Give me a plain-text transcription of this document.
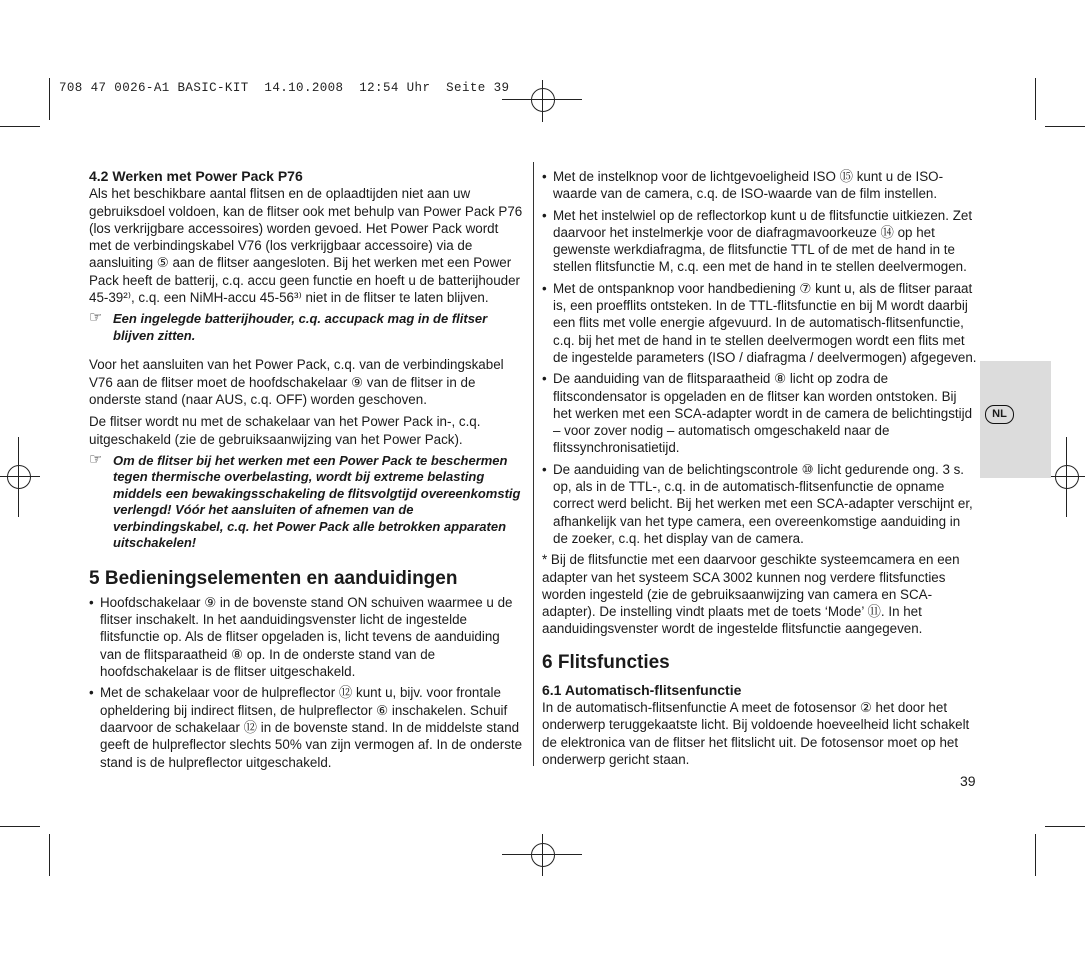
708 47 0026-A1 BASIC-KIT  14.10.2008  12:54 Uhr  Seite 39
NL

4.2 Werken met Power Pack P76

Als het beschikbare aantal flitsen en de oplaadtijden niet aan uw gebruiksdoel voldoen, kan de flitser ook met behulp van Power Pack P76 (los verkrijgbare accessoires) worden gevoed. Het Power Pack wordt met de verbindingskabel V76 (los verkrijgbaar accessoire) via de aansluiting ⑤ aan de flitser aangesloten. Bij het werken met een Power Pack heeft de batterij, c.q. accu geen functie en hoeft u de batterijhouder 45-39²⁾, c.q. een NiMH-accu 45-56³⁾ niet in de flitser te laten blijven.

☞ Een ingelegde batterijhouder, c.q. accupack mag in de flitser blijven zitten.

Voor het aansluiten van het Power Pack, c.q. van de verbindingskabel V76 aan de flitser moet de hoofdschakelaar ⑨ van de flitser in de onderste stand (naar AUS, c.q. OFF) worden geschoven.

De flitser wordt nu met de schakelaar van het Power Pack in-, c.q. uitgeschakeld (zie de gebruiksaanwijzing van het Power Pack).

☞ Om de flitser bij het werken met een Power Pack te beschermen tegen thermische overbelasting, wordt bij extreme belasting middels een bewakingsschakeling de flitsvolgtijd overeenkomstig verlengd! Vóór het aansluiten of afnemen van de verbindingskabel, c.q. het Power Pack alle betrokken apparaten uitschakelen!

5 Bedieningselementen en aanduidingen

• Hoofdschakelaar ⑨ in de bovenste stand ON schuiven waarmee u de flitser inschakelt. In het aanduidingsvenster licht de ingestelde flitsfunctie op. Als de flitser opgeladen is, licht tevens de aanduiding van de flitsparaatheid ⑧ op. In de onderste stand van de hoofdschakelaar is de flitser uitgeschakeld.
• Met de schakelaar voor de hulpreflector ⑫ kunt u, bijv. voor frontale opheldering bij indirect flitsen, de hulpreflector ⑥ inschakelen. Schuif daarvoor de schakelaar ⑫ in de bovenste stand. In de middelste stand geeft de hulpreflector slechts 50% van zijn vermogen af. In de onderste stand is de hulpreflector uitgeschakeld.
• Met de instelknop voor de lichtgevoeligheid ISO ⑮ kunt u de ISO-waarde van de camera, c.q. de ISO-waarde van de film instellen.
• Met het instelwiel op de reflectorkop kunt u de flitsfunctie uitkiezen. Zet daarvoor het instelmerkje voor de diafragmavoorkeuze ⑭ op het gewenste werkdiafragma, de flitsfunctie TTL of de met de hand in te stellen flitsfunctie M, c.q. een met de hand in te stellen deelvermogen.
• Met de ontspanknop voor handbediening ⑦ kunt u, als de flitser paraat is, een proefflits ontsteken. In de TTL-flitsfunctie en bij M wordt daarbij een flits met volle energie afgevuurd. In de automatisch-flitsenfunctie, c.q. bij het met de hand in te stellen deelvermogen wordt een flits met de ingestelde parameters (ISO / diafragma / deelvermogen) afgegeven.
• De aanduiding van de flitsparaatheid ⑧ licht op zodra de flitscondensator is opgeladen en de flitser kan worden ontstoken. Bij het werken met een SCA-adapter wordt in de camera de belichtingstijd – voor zover nodig – automatisch omgeschakeld naar de flitssynchronisatietijd.
• De aanduiding van de belichtingscontrole ⑩ licht gedurende ong. 3 s. op, als in de TTL-, c.q. in de automatisch-flitsenfunctie de opname correct werd belicht. Bij het werken met een SCA-adapter verschijnt er, afhankelijk van het type camera, een overeenkomstige aanduiding in de zoeker, c.q. het display van de camera.

* Bij de flitsfunctie met een daarvoor geschikte systeemcamera en een adapter van het systeem SCA 3002 kunnen nog verdere flitsfuncties worden ingesteld (zie de gebruiksaanwijzing van camera en SCA-adapter). De instelling vindt plaats met de toets ‘Mode’ ⑪. In het aanduidingsvenster wordt de ingestelde flitsfunctie aangegeven.

6 Flitsfuncties

6.1 Automatisch-flitsenfunctie

In de automatisch-flitsenfunctie A meet de fotosensor ② het door het onderwerp teruggekaatste licht. Bij voldoende hoeveelheid licht schakelt de elektronica van de flitser het flitslicht uit. De fotosensor moet op het onderwerp gericht staan.

39
